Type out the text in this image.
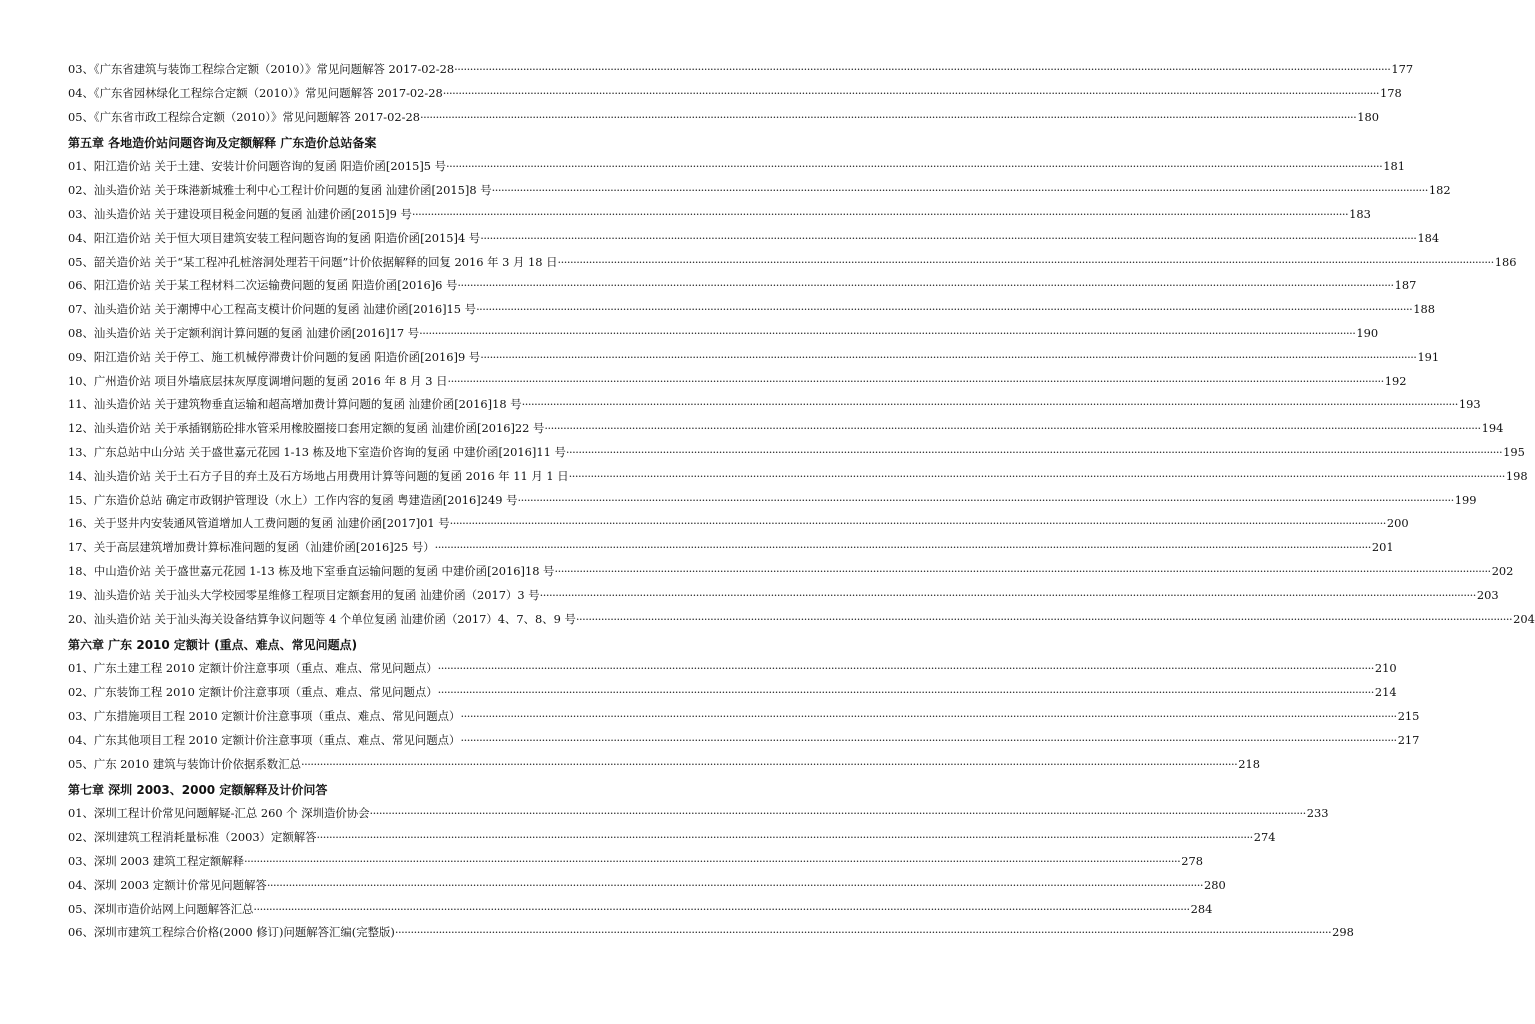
03、《广东省建筑与装饰工程综合定额（2010）》常见问题解答 2017-02-28 ············································································································································································································································································································ 177
04、《广东省园林绿化工程综合定额（2010）》常见问题解答 2017-02-28 ············································································································································································································································································································ 178
05、《广东省市政工程综合定额（2010）》常见问题解答 2017-02-28 ············································································································································································································································································································ 180
第五章 各地造价站问题咨询及定额解释 广东造价总站备案
01、阳江造价站 关于土建、安装计价问题咨询的复函 阳造价函[2015]5 号 ············································································································································································································································································································ 181
02、汕头造价站 关于珠港新城雅士利中心工程计价问题的复函 汕建价函[2015]8 号 ············································································································································································································································································································ 182
03、汕头造价站 关于建设项目税金问题的复函 汕建价函[2015]9 号 ············································································································································································································································································································ 183
04、阳江造价站 关于恒大项目建筑安装工程问题咨询的复函 阳造价函[2015]4 号 ············································································································································································································································································································ 184
05、韶关造价站 关于“某工程冲孔桩溶洞处理若干问题”计价依据解释的回复 2016 年 3 月 18 日 ············································································································································································································································································································ 186
06、阳江造价站 关于某工程材料二次运输费问题的复函 阳造价函[2016]6 号 ············································································································································································································································································································ 187
07、汕头造价站 关于潮博中心工程高支模计价问题的复函 汕建价函[2016]15 号 ············································································································································································································································································································ 188
08、汕头造价站 关于定额利润计算问题的复函 汕建价函[2016]17 号 ············································································································································································································································································································ 190
09、阳江造价站 关于停工、施工机械停滞费计价问题的复函 阳造价函[2016]9 号 ············································································································································································································································································································ 191
10、广州造价站 项目外墙底层抹灰厚度调增问题的复函 2016 年 8 月 3 日 ············································································································································································································································································································ 192
11、汕头造价站 关于建筑物垂直运输和超高增加费计算问题的复函 汕建价函[2016]18 号 ············································································································································································································································································································ 193
12、汕头造价站 关于承插钢筋砼排水管采用橡胶圈接口套用定额的复函 汕建价函[2016]22 号 ············································································································································································································································································································ 194
13、广东总站中山分站 关于盛世嘉元花园 1-13 栋及地下室造价咨询的复函 中建价函[2016]11 号 ············································································································································································································································································································ 195
14、汕头造价站 关于土石方子目的弃土及石方场地占用费用计算等问题的复函 2016 年 11 月 1 日 ············································································································································································································································································································ 198
15、广东造价总站 确定市政钢护管理设（水上）工作内容的复函 粤建造函[2016]249 号 ············································································································································································································································································································ 199
16、关于竖井内安装通风管道增加人工费问题的复函 汕建价函[2017]01 号 ············································································································································································································································································································ 200
17、关于高层建筑增加费计算标准问题的复函（汕建价函[2016]25 号） ············································································································································································································································································································ 201
18、中山造价站 关于盛世嘉元花园 1-13 栋及地下室垂直运输问题的复函 中建价函[2016]18 号 ············································································································································································································································································································ 202
19、汕头造价站 关于汕头大学校园零星维修工程项目定额套用的复函 汕建价函（2017）3 号 ············································································································································································································································································································ 203
20、汕头造价站 关于汕头海关设备结算争议问题等 4 个单位复函 汕建价函（2017）4、7、8、9 号 ············································································································································································································································································································ 204
第六章 广东 2010 定额计 (重点、难点、常见问题点)
01、广东土建工程 2010 定额计价注意事项（重点、难点、常见问题点） ············································································································································································································································································································ 210
02、广东装饰工程 2010 定额计价注意事项（重点、难点、常见问题点） ············································································································································································································································································································ 214
03、广东措施项目工程 2010 定额计价注意事项（重点、难点、常见问题点） ············································································································································································································································································································ 215
04、广东其他项目工程 2010 定额计价注意事项（重点、难点、常见问题点） ············································································································································································································································································································ 217
05、广东 2010 建筑与装饰计价依据系数汇总 ············································································································································································································································································································ 218
第七章 深圳 2003、2000 定额解释及计价问答
01、深圳工程计价常见问题解疑-汇总 260 个 深圳造价协会 ············································································································································································································································································································ 233
02、深圳建筑工程消耗量标准（2003）定额解答 ············································································································································································································································································································ 274
03、深圳 2003 建筑工程定额解释 ············································································································································································································································································································ 278
04、深圳 2003 定额计价常见问题解答 ············································································································································································································································································································ 280
05、深圳市造价站网上问题解答汇总 ············································································································································································································································································································ 284
06、深圳市建筑工程综合价格(2000 修订)问题解答汇编(完整版) ············································································································································································································································································································ 298
